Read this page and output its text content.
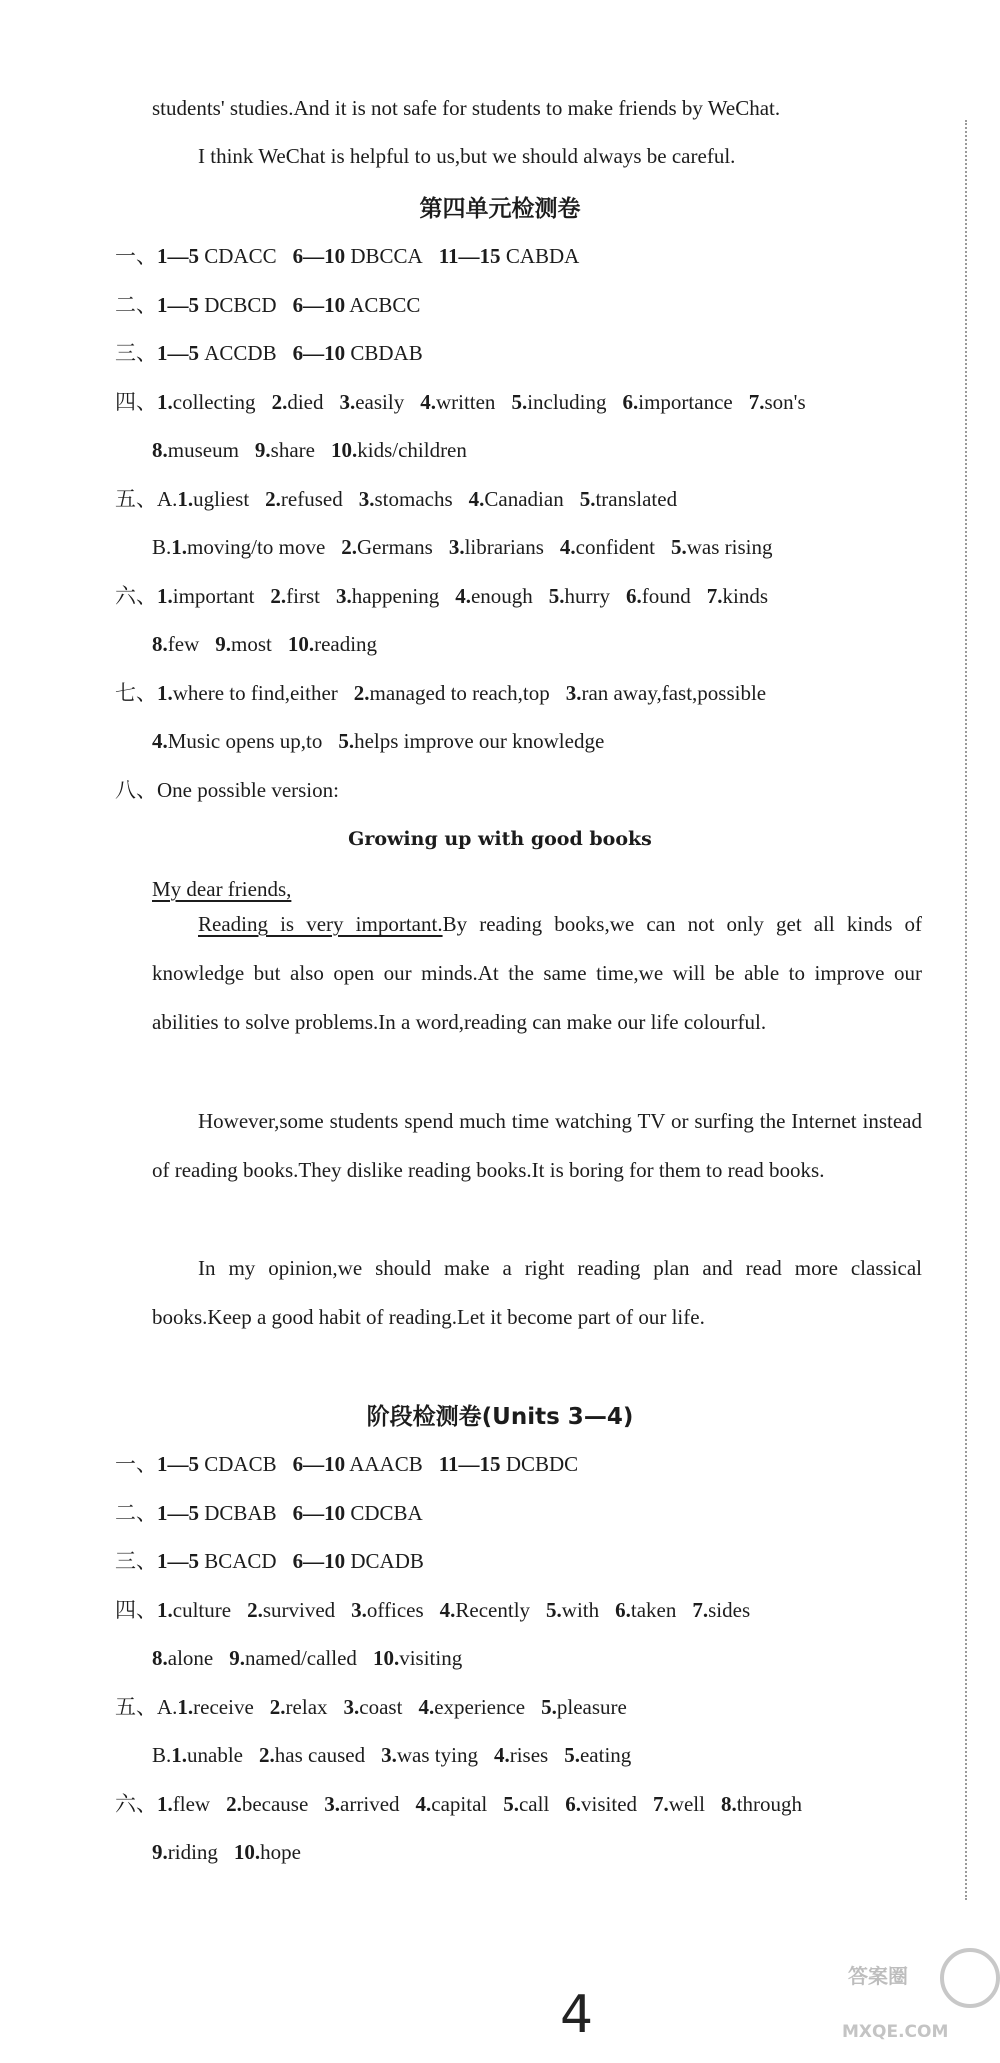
students' studies.And it is not safe for students to make friends by WeChat.
I think WeChat is helpful to us,but we should always be careful.
第四单元检测卷
一、1—5 CDACC 6—10 DBCCA 11—15 CABDA
二、1—5 DCBCD 6—10 ACBCC
三、1—5 ACCDB 6—10 CBDAB
四、1.collecting 2.died 3.easily 4.written 5.including 6.importance 7.son's
8.museum 9.share 10.kids/children
五、A.1.ugliest 2.refused 3.stomachs 4.Canadian 5.translated
B.1.moving/to move 2.Germans 3.librarians 4.confident 5.was rising
六、1.important 2.first 3.happening 4.enough 5.hurry 6.found 7.kinds
8.few 9.most 10.reading
七、1.where to find,either 2.managed to reach,top 3.ran away,fast,possible
4.Music opens up,to 5.helps improve our knowledge
八、One possible version:
Growing up with good books
My dear friends,
Reading is very important.By reading books,we can not only get all kinds of knowledge but also open our minds.At the same time,we will be able to improve our abilities to solve problems.In a word,reading can make our life colourful.
However,some students spend much time watching TV or surfing the Internet instead of reading books.They dislike reading books.It is boring for them to read books.
In my opinion,we should make a right reading plan and read more classical books.Keep a good habit of reading.Let it become part of our life.
阶段检测卷(Units 3—4)
一、1—5 CDACB 6—10 AAACB 11—15 DCBDC
二、1—5 DCBAB 6—10 CDCBA
三、1—5 BCACD 6—10 DCADB
四、1.culture 2.survived 3.offices 4.Recently 5.with 6.taken 7.sides
8.alone 9.named/called 10.visiting
五、A.1.receive 2.relax 3.coast 4.experience 5.pleasure
B.1.unable 2.has caused 3.was tying 4.rises 5.eating
六、1.flew 2.because 3.arrived 4.capital 5.call 6.visited 7.well 8.through
9.riding 10.hope
4
答案圈
MXQE.COM
